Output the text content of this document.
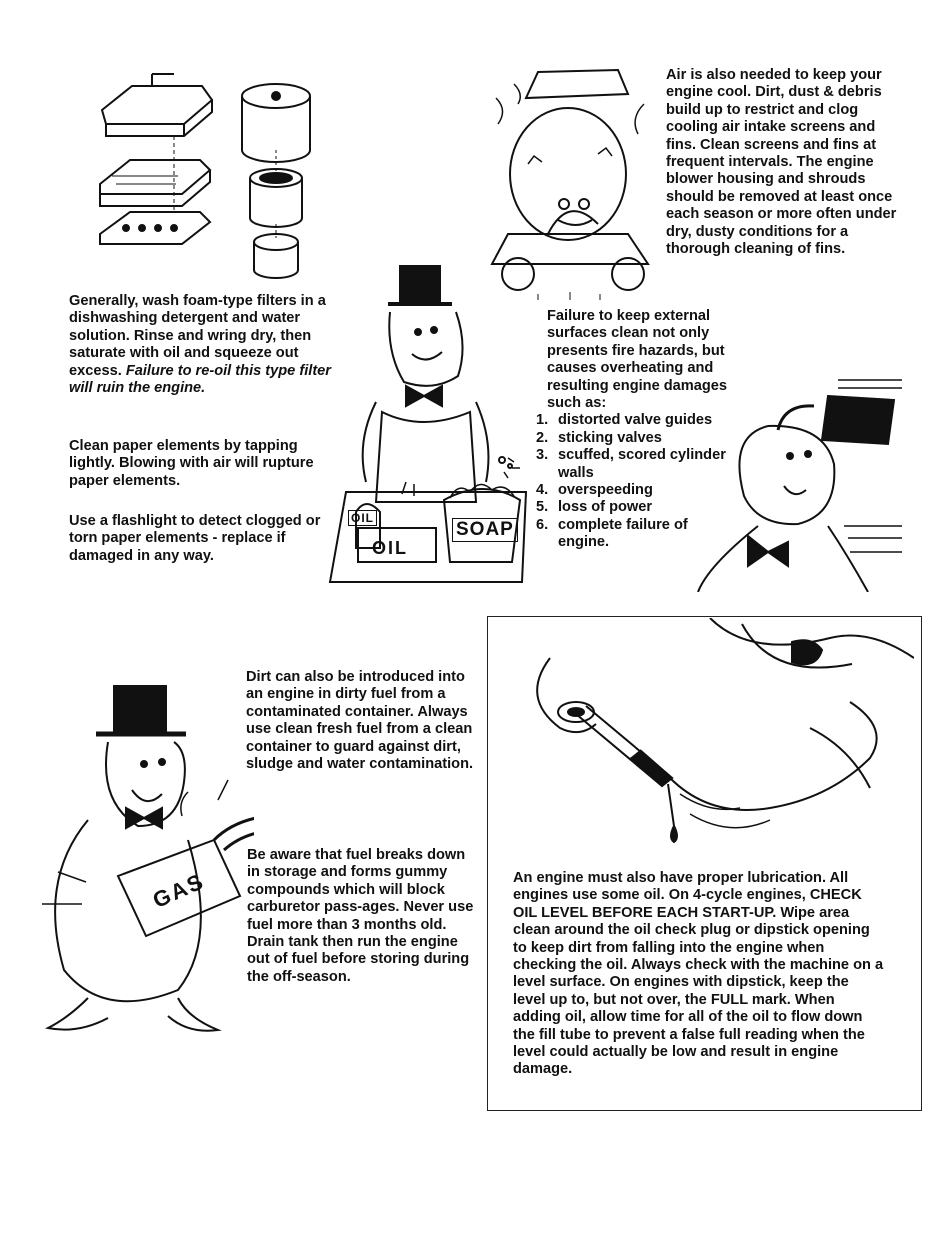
OIL
OIL
SOAP
GAS

Air is also needed to keep your engine cool. Dirt, dust & debris build up to restrict and clog cooling air intake screens and fins. Clean screens and fins at frequent intervals. The engine blower housing and shrouds should be removed at least once each season or more often under dry, dusty conditions for a thorough cleaning of fins.

Generally, wash foam-type filters in a dishwashing detergent and water solution. Rinse and wring dry, then saturate with oil and squeeze out excess. Failure to re-oil this type filter will ruin the engine.

Clean paper elements by tapping lightly. Blowing with air will rupture paper elements.

Use a flashlight to detect clogged or torn paper elements - replace if damaged in any way.

Failure to keep external surfaces clean not only presents fire hazards, but causes overheating and resulting engine damages such as:

1. distorted valve guides
2. sticking valves
3. scuffed, scored cylinder walls
4. overspeeding
5. loss of power
6. complete failure of engine.

Dirt can also be introduced into an engine in dirty fuel from a contaminated container. Always use clean fresh fuel from a clean container to guard against dirt, sludge and water contamination.

Be aware that fuel breaks down in storage and forms gummy compounds which will block carburetor pass-ages. Never use fuel more than 3 months old. Drain tank then run the engine out of fuel before storing during the off-season.

An engine must also have proper lubrication. All engines use some oil. On 4-cycle engines, CHECK OIL LEVEL BEFORE EACH START-UP. Wipe area clean around the oil check plug or dipstick opening to keep dirt from falling into the engine when checking the oil. Always check with the machine on a level surface. On engines with dipstick, keep the level up to, but not over, the FULL mark. When adding oil, allow time for all of the oil to flow down the fill tube to prevent a false full reading when the level could actually be low and result in engine damage.
